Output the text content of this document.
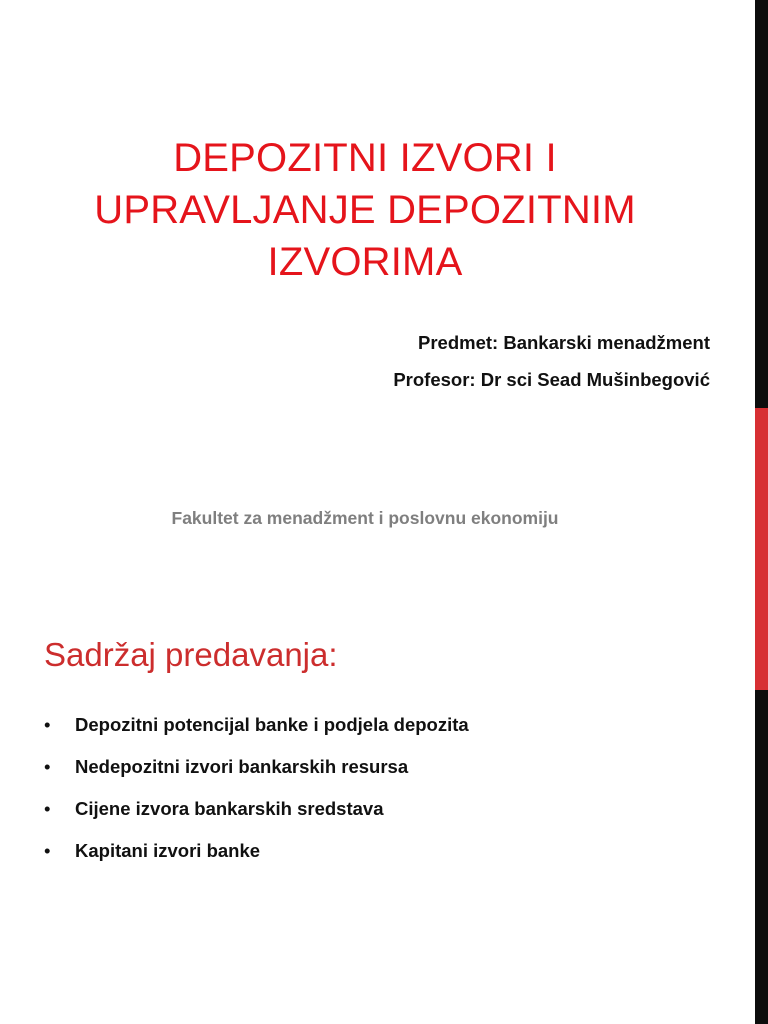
DEPOZITNI IZVORI I
UPRAVLJANJE DEPOZITNIM
IZVORIMA
Predmet: Bankarski menadžment
Profesor: Dr sci Sead Mušinbegović
Fakultet za menadžment i poslovnu ekonomiju
Sadržaj predavanja:
•	Depozitni potencijal banke i podjela depozita
•	Nedepozitni izvori bankarskih resursa
•	Cijene izvora bankarskih sredstava
•	Kapitani izvori banke
